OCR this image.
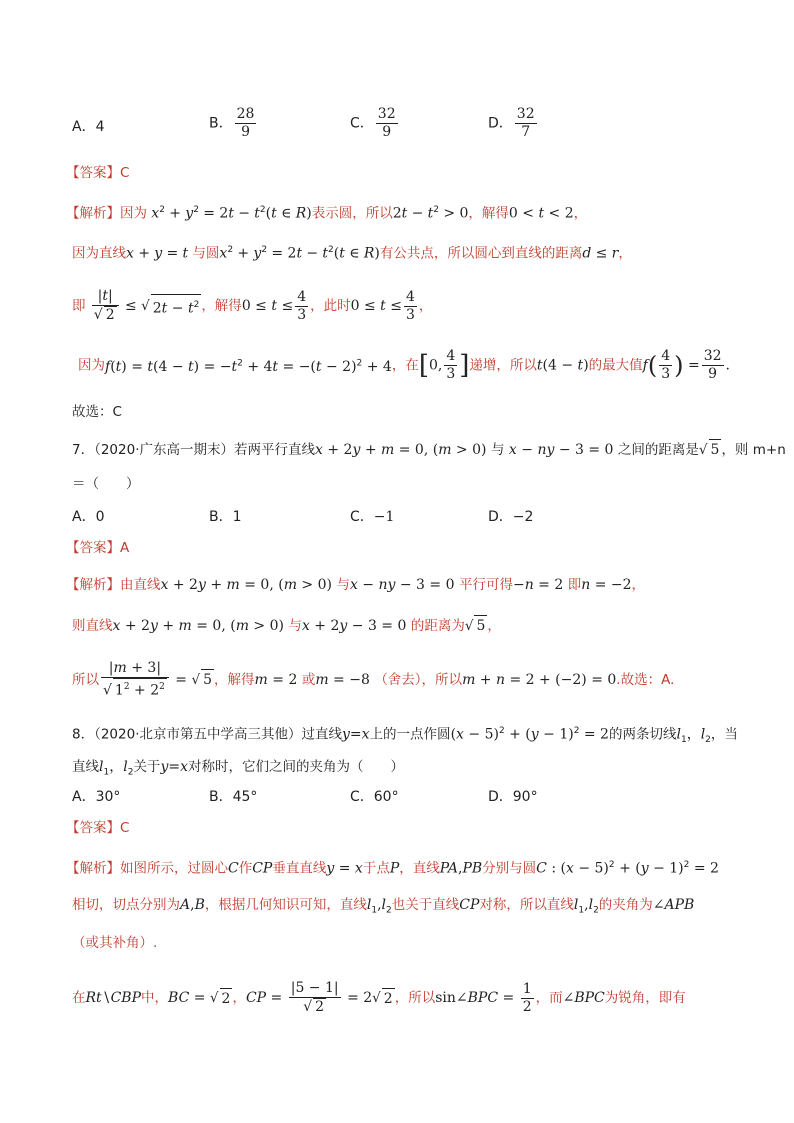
A．4	B． $\frac{28}{9}$	C． $\frac{32}{9}$	D． $\frac{32}{7}$
【答案】C
【解析】因为 $x^2 + y^2 = 2t - t^2(t$ ∈ R)表示圆，所以$2t - t^2 > 0$，解得0 < t < 2，
因为直线x + y = t 与圆$x^2 + y^2 = 2t - t^2(t$ ∈ R)有公共点，所以圆心到直线的距离d ≤ r，
即 $\frac{|t|}{√ 2}$ ≤ √ $2t - t^2$ ，解得$0 \le t \le \frac{4}{3}$ ，此时$0 \le t \le \frac{4}{3}$ ，
因为$f(t) = t(4 - t) = -t^2 + 4t = -(t - 2)^2 + 4$，在[0, $\frac{4}{3}$ ]递增，所以t(4 − t)的最大值$f( \frac{4}{3}$ ) = $\frac{32}{9}$ .
故选：C
7．（2020·广东高一期末）若两平行直线x + 2y + m = 0, (m > 0) 与 x − ny − 3 = 0 之间的距离是√ 5 ，则 m+n
＝（　　）
A．0	B．1	C．−1	D．−2
【答案】A
【解析】由直线x + 2y + m = 0, (m > 0) 与x − ny − 3 = 0 平行可得−n = 2 即n = −2，
则直线x + 2y + m = 0, (m > 0) 与x + 2y − 3 = 0 的距离为√ 5 ，
所以 $\frac{|m + 3|}{√ 1^2 + 2^2}$ = √ 5 ，解得m = 2 或m = −8 （舍去），所以m + n = 2 + (−2) = 0.故选：A.
8．（2020·北京市第五中学高三其他）过直线y=x上的一点作圆$(x - 5)^2 + (y - 1)^2 = 2$的两条切线$l_1$，$l_2$，当
直线$l_1$，$l_2$关于y=x对称时，它们之间的夹角为（　　）
A．30°	B．45°	C．60°	D．90°
【答案】C
【解析】如图所示，过圆心C作CP垂直直线y = x于点P，直线PA,PB分别与圆C : $(x - 5)^2 + (y - 1)^2 = 2$
相切，切点分别为A,B，根据几何知识可知，直线$l_1,l_2$也关于直线CP对称，所以直线$l_1,l_2$的夹角为∠APB
（或其补角）.
在Rt∖CBP中，BC = √ 2 ，CP = $\frac{|5 - 1|}{√ 2} = 2√$ 2 ，所以sin∠BPC = $\frac{1}{2}$ ，而∠BPC为锐角，即有
